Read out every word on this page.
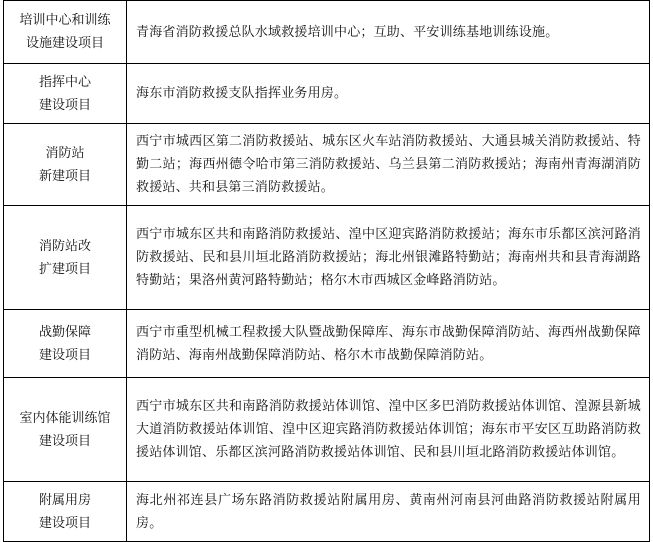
培训中心和训练
设施建设项目	青海省消防救援总队水域救援培训中心；互助、平安训练基地训练设施。

指挥中心
建设项目	海东市消防救援支队指挥业务用房。

消防站
新建项目	西宁市城西区第二消防救援站、城东区火车站消防救援站、大通县城关消防救援站、特勤二站；海西州德令哈市第三消防救援站、乌兰县第二消防救援站；海南州青海湖消防救援站、共和县第三消防救援站。

消防站改
扩建项目	西宁市城东区共和南路消防救援站、湟中区迎宾路消防救援站；海东市乐都区滨河路消防救援站、民和县川垣北路消防救援站；海北州银滩路特勤站；海南州共和县青海湖路特勤站；果洛州黄河路特勤站；格尔木市西城区金峰路消防站。

战勤保障
建设项目	西宁市重型机械工程救援大队暨战勤保障库、海东市战勤保障消防站、海西州战勤保障消防站、海南州战勤保障消防站、格尔木市战勤保障消防站。

室内体能训练馆
建设项目	西宁市城东区共和南路消防救援站体训馆、湟中区多巴消防救援站体训馆、湟源县新城大道消防救援站体训馆、湟中区迎宾路消防救援站体训馆；海东市平安区互助路消防救援站体训馆、乐都区滨河路消防救援站体训馆、民和县川垣北路消防救援站体训馆。

附属用房
建设项目	海北州祁连县广场东路消防救援站附属用房、黄南州河南县河曲路消防救援站附属用房。
